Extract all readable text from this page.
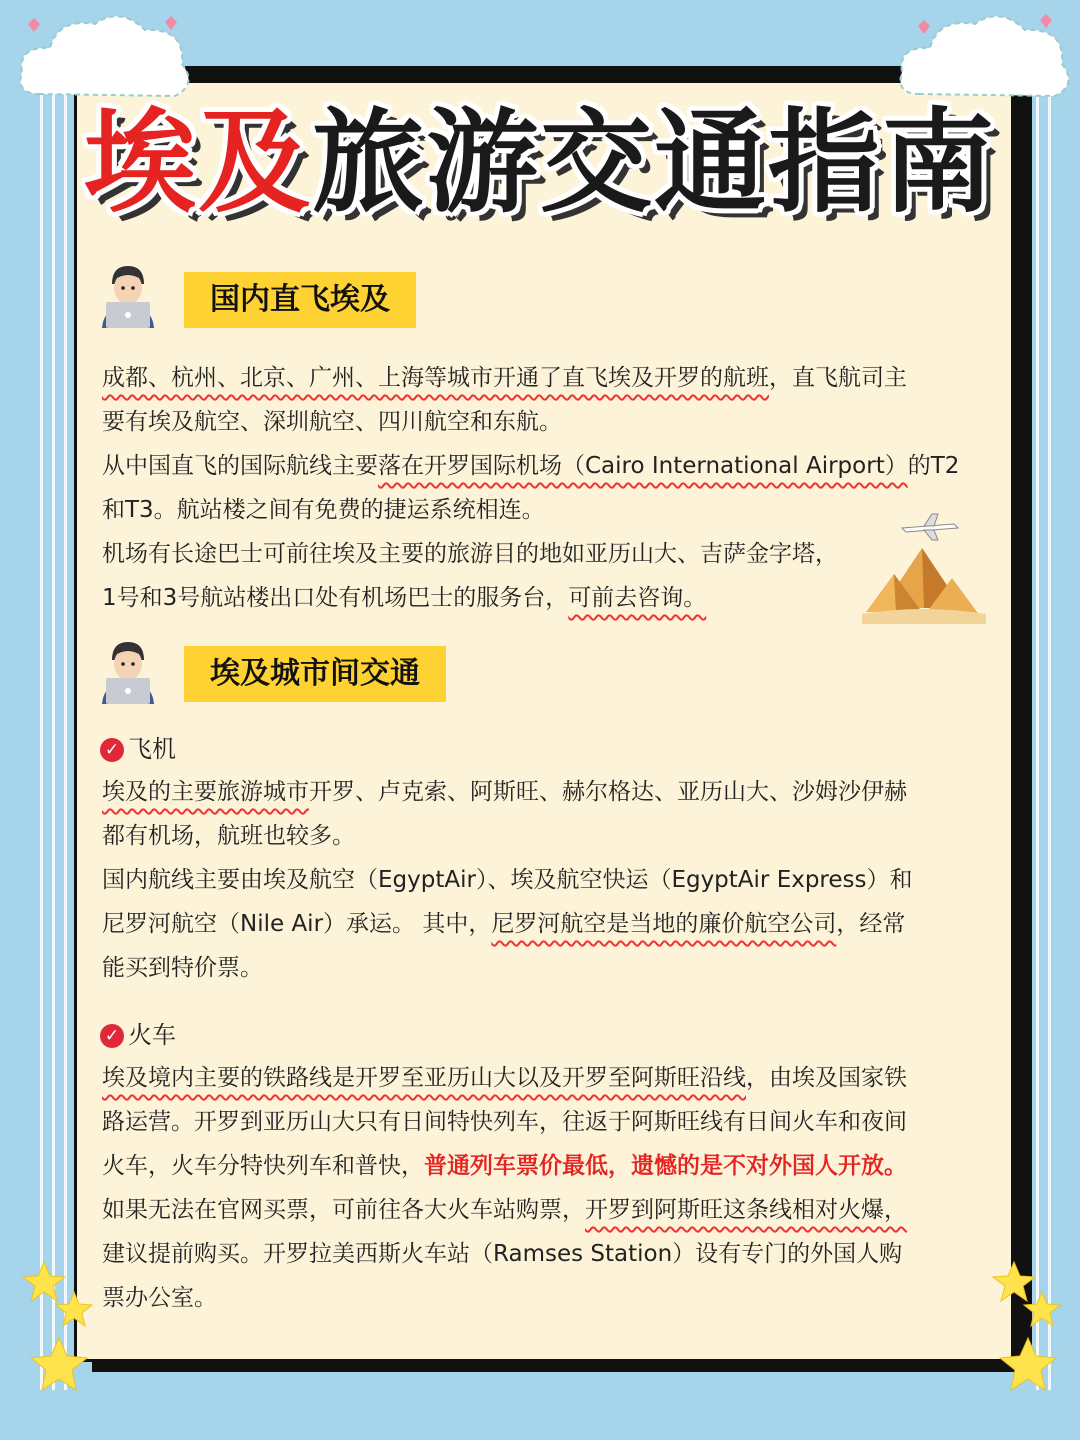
埃及旅游交通指南
国内直飞埃及
成都、杭州、北京、广州、上海等城市开通了直飞埃及开罗的航班，直飞航司主
要有埃及航空、深圳航空、四川航空和东航。
从中国直飞的国际航线主要落在开罗国际机场（Cairo International Airport）的T2
和T3。航站楼之间有免费的捷运系统相连。
机场有长途巴士可前往埃及主要的旅游目的地如亚历山大、吉萨金字塔，
1号和3号航站楼出口处有机场巴士的服务台，可前去咨询。
埃及城市间交通
✓ 飞机
埃及的主要旅游城市开罗、卢克索、阿斯旺、赫尔格达、亚历山大、沙姆沙伊赫
都有机场，航班也较多。
国内航线主要由埃及航空（EgyptAir）、埃及航空快运（EgyptAir Express）和
尼罗河航空（Nile Air）承运。 其中，尼罗河航空是当地的廉价航空公司，经常
能买到特价票。
✓ 火车
埃及境内主要的铁路线是开罗至亚历山大以及开罗至阿斯旺沿线，由埃及国家铁
路运营。开罗到亚历山大只有日间特快列车，往返于阿斯旺线有日间火车和夜间
火车，火车分特快列车和普快，普通列车票价最低，遗憾的是不对外国人开放。
如果无法在官网买票，可前往各大火车站购票，开罗到阿斯旺这条线相对火爆，
建议提前购买。开罗拉美西斯火车站（Ramses Station）设有专门的外国人购
票办公室。
